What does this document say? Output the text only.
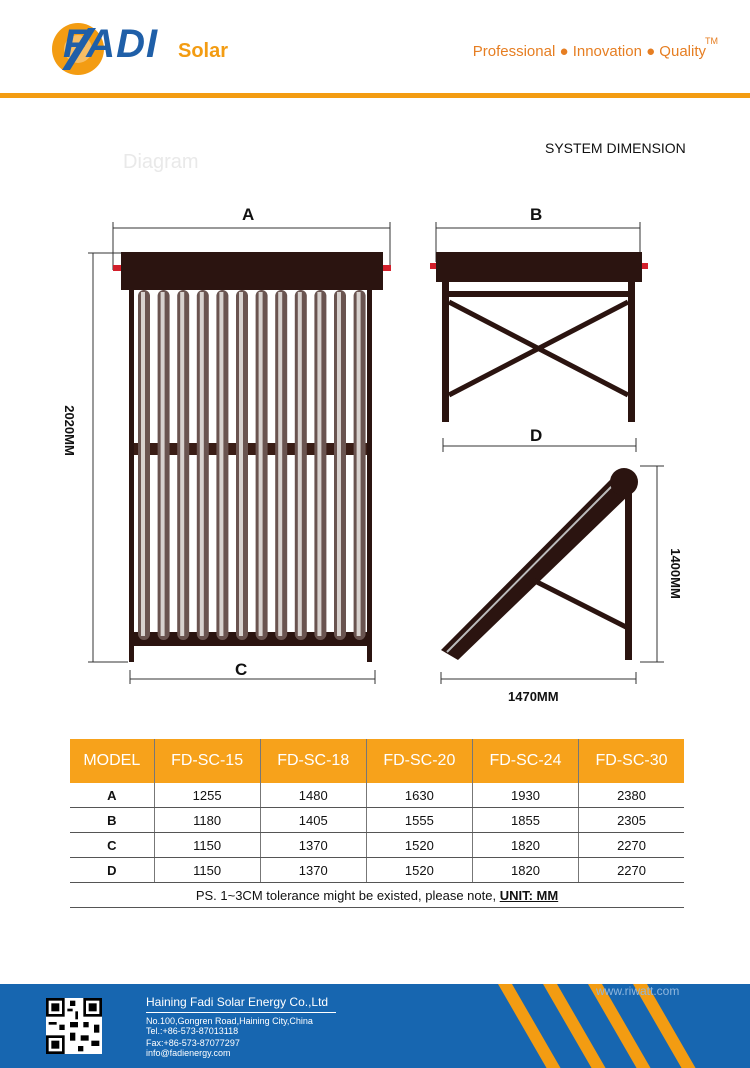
FADI Solar	Professional ● Innovation ● Quality
TM
SYSTEM DIMENSION
Diagram
A	B
C
D
2020MM
1400MM
1470MM
MODEL	FD-SC-15	FD-SC-18	FD-SC-20	FD-SC-24	FD-SC-30
A	1255	1480	1630	1930	2380
B	1180	1405	1555	1855	2305
C	1150	1370	1520	1820	2270
D	1150	1370	1520	1820	2270
PS. 1~3CM tolerance might be existed, please note, UNIT: MM					
Haining Fadi Solar Energy Co.,Ltd
No.100,Gongren Road,Haining City,China
Tel.:+86-573-87013118
Fax:+86-573-87077297
info@fadienergy.com
www.riwatt.com
